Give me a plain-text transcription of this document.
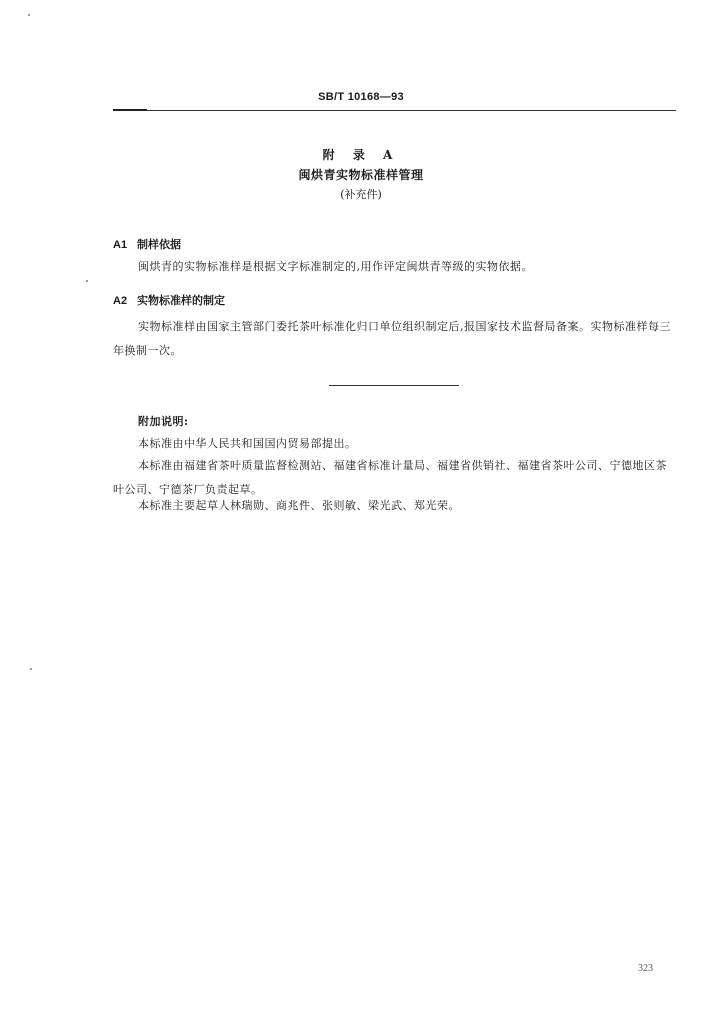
SB/T 10168—93
附 录 A
闽烘青实物标准样管理
(补充件)
A1 制样依据
闽烘青的实物标准样是根据文字标准制定的,用作评定闽烘青等级的实物依据。
A2 实物标准样的制定
实物标准样由国家主管部门委托茶叶标准化归口单位组织制定后,报国家技术监督局备案。实物标准样每三年换制一次。
附加说明:
本标准由中华人民共和国国内贸易部提出。
本标准由福建省茶叶质量监督检测站、福建省标准计量局、福建省供销社、福建省茶叶公司、宁德地区茶叶公司、宁德茶厂负责起草。
本标准主要起草人林瑞勋、商兆件、张则敏、梁光武、郑光荣。
323
